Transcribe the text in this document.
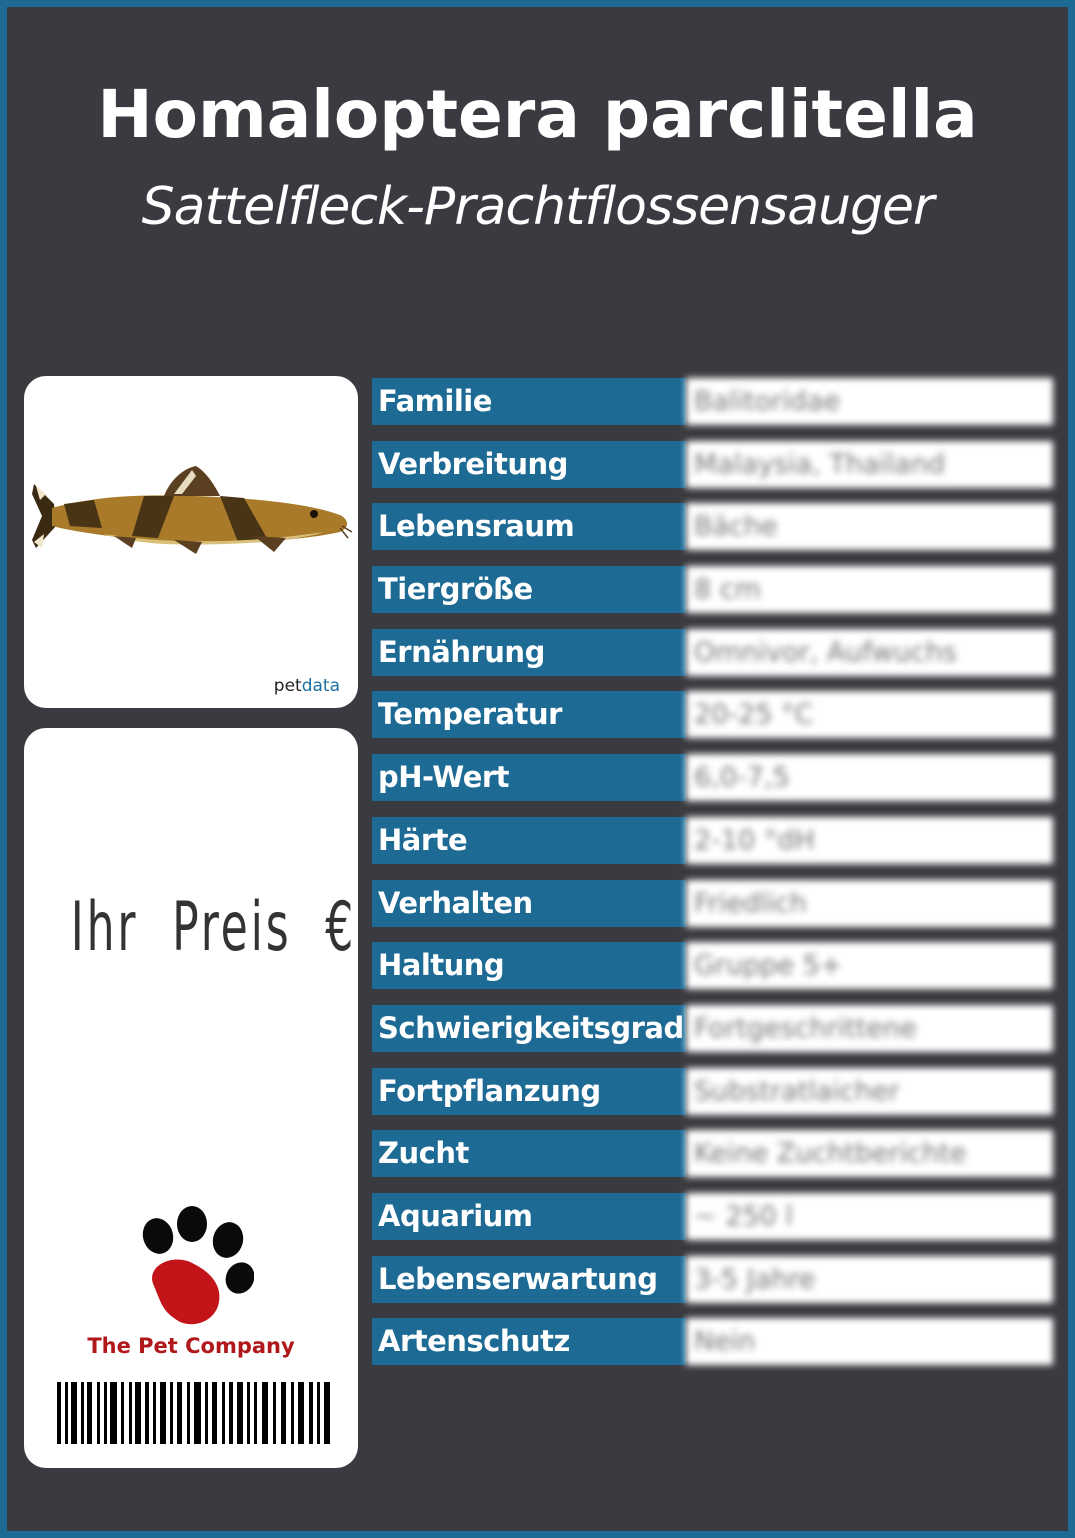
Homaloptera parclitella
Sattelfleck-Prachtflossensauger
petdata
Ihr  Preis  €
The Pet Company
Familie	Balitoridae
Verbreitung	Malaysia, Thailand
Lebensraum	Bäche
Tiergröße	8 cm
Ernährung	Omnivor, Aufwuchs
Temperatur	20-25 °C
pH-Wert	6,0-7,5
Härte	2-10 °dH
Verhalten	Friedlich
Haltung	Gruppe 5+
Schwierigkeitsgrad Fortgeschrittene
Fortpflanzung	Substratlaicher
Zucht	Keine Zuchtberichte
Aquarium	~ 250 l
Lebenserwartung	3-5 Jahre
Artenschutz	Nein
